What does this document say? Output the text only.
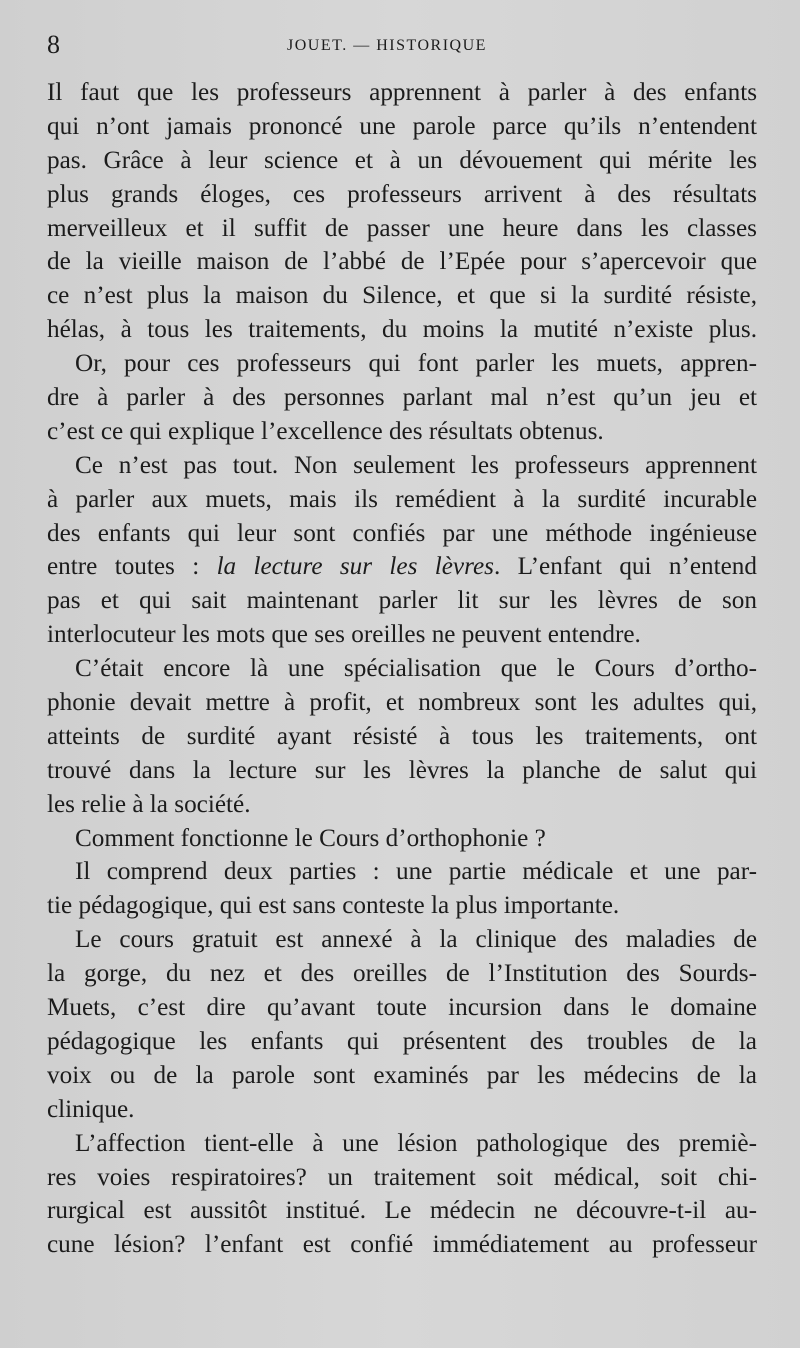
8	JOUET. — HISTORIQUE
Il faut que les professeurs apprennent à parler à des enfants
qui n’ont jamais prononcé une parole parce qu’ils n’entendent
pas. Grâce à leur science et à un dévouement qui mérite les
plus grands éloges, ces professeurs arrivent à des résultats
merveilleux et il suffit de passer une heure dans les classes
de la vieille maison de l’abbé de l’Epée pour s’apercevoir que
ce n’est plus la maison du Silence, et que si la surdité résiste,
hélas, à tous les traitements, du moins la mutité n’existe plus.
Or, pour ces professeurs qui font parler les muets, appren-
dre à parler à des personnes parlant mal n’est qu’un jeu et
c’est ce qui explique l’excellence des résultats obtenus.
Ce n’est pas tout. Non seulement les professeurs apprennent
à parler aux muets, mais ils remédient à la surdité incurable
des enfants qui leur sont confiés par une méthode ingénieuse
entre toutes : la lecture sur les lèvres. L’enfant qui n’entend
pas et qui sait maintenant parler lit sur les lèvres de son
interlocuteur les mots que ses oreilles ne peuvent entendre.
C’était encore là une spécialisation que le Cours d’ortho-
phonie devait mettre à profit, et nombreux sont les adultes qui,
atteints de surdité ayant résisté à tous les traitements, ont
trouvé dans la lecture sur les lèvres la planche de salut qui
les relie à la société.
Comment fonctionne le Cours d’orthophonie ?
Il comprend deux parties : une partie médicale et une par-
tie pédagogique, qui est sans conteste la plus importante.
Le cours gratuit est annexé à la clinique des maladies de
la gorge, du nez et des oreilles de l’Institution des Sourds-
Muets, c’est dire qu’avant toute incursion dans le domaine
pédagogique les enfants qui présentent des troubles de la
voix ou de la parole sont examinés par les médecins de la
clinique.
L’affection tient-elle à une lésion pathologique des premiè-
res voies respiratoires? un traitement soit médical, soit chi-
rurgical est aussitôt institué. Le médecin ne découvre-t-il au-
cune lésion? l’enfant est confié immédiatement au professeur
